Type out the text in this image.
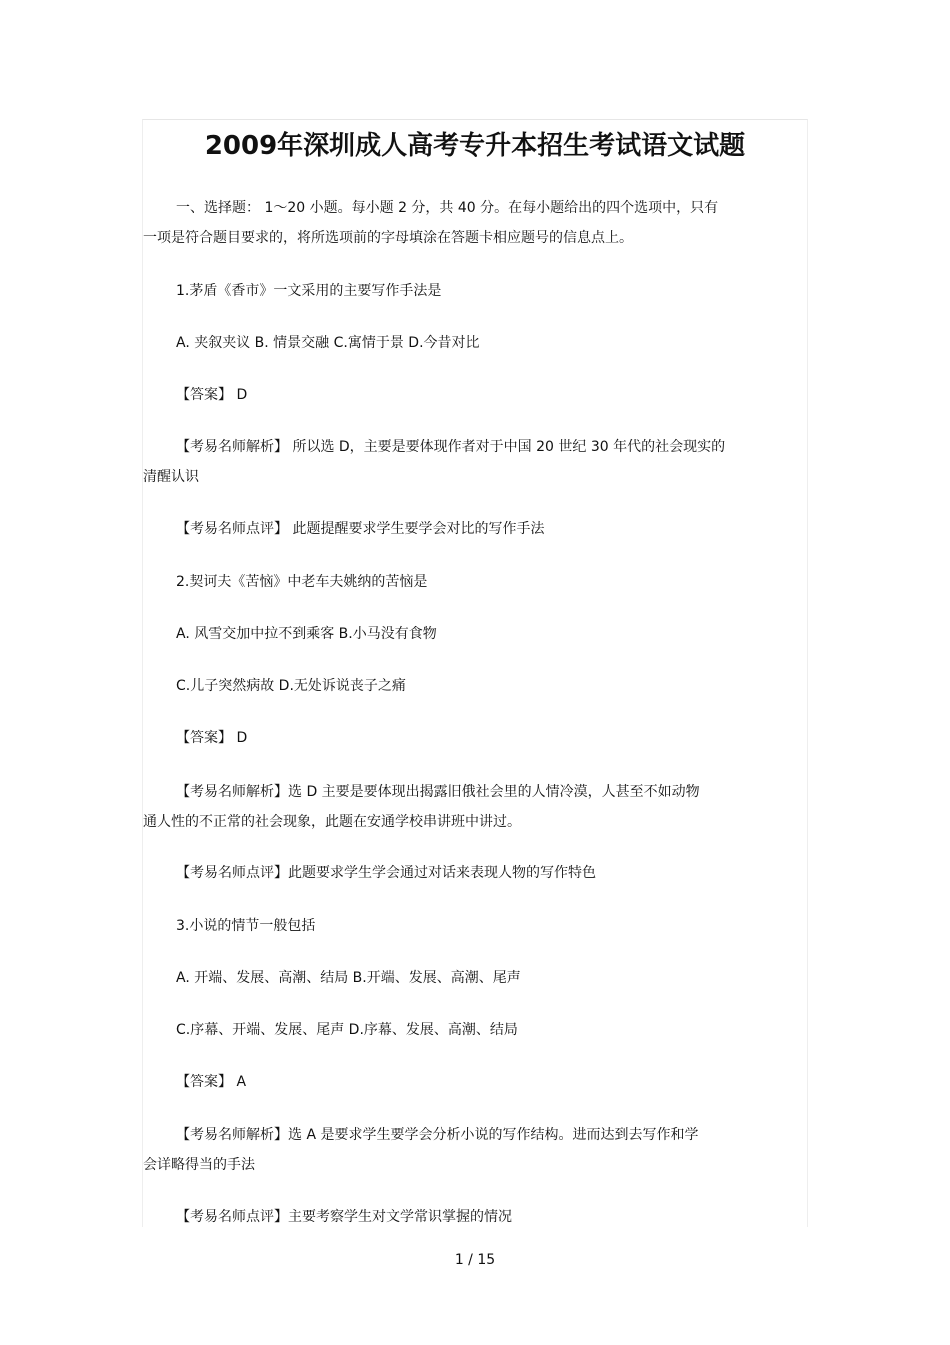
2009年深圳成人高考专升本招生考试语文试题
一、选择题： 1～20 小题。每小题 2 分，共 40 分。在每小题给出的四个选项中，只有
一项是符合题目要求的，将所选项前的字母填涂在答题卡相应题号的信息点上。
1.茅盾《香市》一文采用的主要写作手法是
A. 夹叙夹议 B. 情景交融 C.寓情于景 D.今昔对比
【答案】 D
【考易名师解析】 所以选 D，主要是要体现作者对于中国 20 世纪 30 年代的社会现实的
清醒认识
【考易名师点评】 此题提醒要求学生要学会对比的写作手法
2.契诃夫《苦恼》中老车夫姚纳的苦恼是
A. 风雪交加中拉不到乘客 B.小马没有食物
C.儿子突然病故 D.无处诉说丧子之痛
【答案】 D
【考易名师解析】选 D 主要是要体现出揭露旧俄社会里的人情冷漠，人甚至不如动物
通人性的不正常的社会现象，此题在安通学校串讲班中讲过。
【考易名师点评】此题要求学生学会通过对话来表现人物的写作特色
3.小说的情节一般包括
A. 开端、发展、高潮、结局 B.开端、发展、高潮、尾声
C.序幕、开端、发展、尾声 D.序幕、发展、高潮、结局
【答案】 A
【考易名师解析】选 A 是要求学生要学会分析小说的写作结构。进而达到去写作和学
会详略得当的手法
【考易名师点评】主要考察学生对文学常识掌握的情况
1 / 15
